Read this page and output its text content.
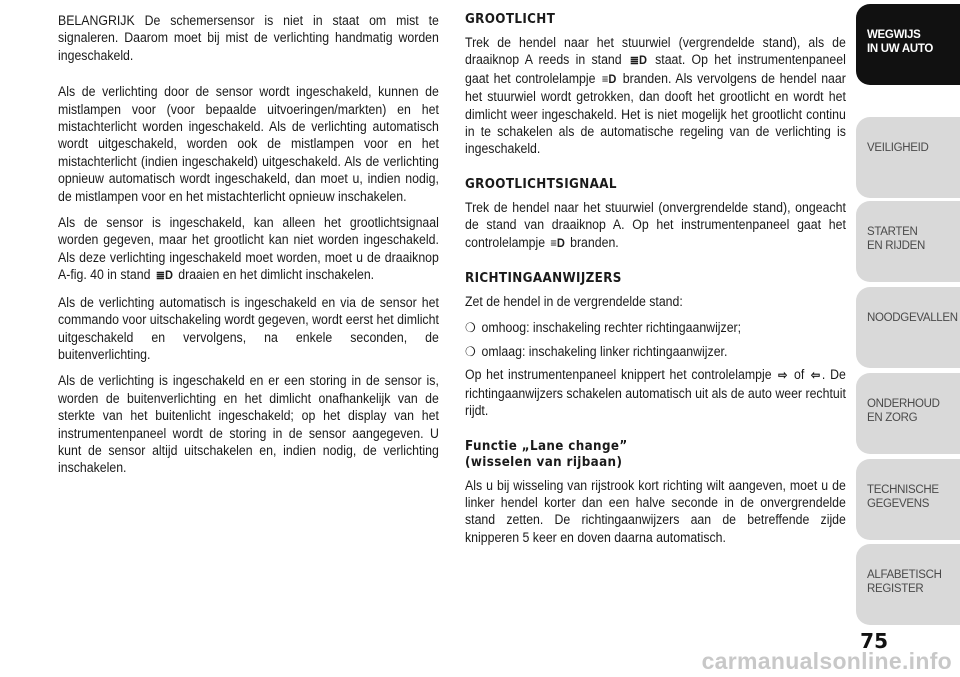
BELANGRIJK De schemersensor is niet in staat om mist te signaleren. Daarom moet bij mist de verlichting handmatig worden ingeschakeld.

Als de verlichting door de sensor wordt ingeschakeld, kunnen de mistlampen voor (voor bepaalde uitvoeringen/markten) en het mistachterlicht worden ingeschakeld. Als de verlichting automatisch wordt uitgeschakeld, worden ook de mistlampen voor en het mistachterlicht (indien ingeschakeld) uitgeschakeld. Als de verlichting opnieuw automatisch wordt ingeschakeld, dan moet u, indien nodig, de mistlampen voor en het mistachterlicht opnieuw inschakelen.

Als de sensor is ingeschakeld, kan alleen het grootlichtsignaal worden gegeven, maar het grootlicht kan niet worden ingeschakeld. Als deze verlichting ingeschakeld moet worden, moet u de draaiknop A-fig. 40 in stand ≣D draaien en het dimlicht inschakelen.

Als de verlichting automatisch is ingeschakeld en via de sensor het commando voor uitschakeling wordt gegeven, wordt eerst het dimlicht uitgeschakeld en vervolgens, na enkele seconden, de buitenverlichting.

Als de verlichting is ingeschakeld en er een storing in de sensor is, worden de buitenverlichting en het dimlicht onafhankelijk van de sterkte van het buitenlicht ingeschakeld; op het display van het instrumentenpaneel wordt de storing in de sensor aangegeven. U kunt de sensor altijd uitschakelen en, indien nodig, de verlichting inschakelen.

GROOTLICHT

Trek de hendel naar het stuurwiel (vergrendelde stand), als de draaiknop A reeds in stand ≣D staat. Op het instrumentenpaneel gaat het controlelampje ≡D branden. Als vervolgens de hendel naar het stuurwiel wordt getrokken, dan dooft het grootlicht en wordt het dimlicht weer ingeschakeld. Het is niet mogelijk het grootlicht continu in te schakelen als de automatische regeling van de verlichting is ingeschakeld.

GROOTLICHTSIGNAAL

Trek de hendel naar het stuurwiel (onvergrendelde stand), ongeacht de stand van draaiknop A. Op het instrumentenpaneel gaat het controlelampje ≡D branden.

RICHTINGAANWIJZERS

Zet de hendel in de vergrendelde stand:

❍ omhoog: inschakeling rechter richtingaanwijzer;
❍ omlaag: inschakeling linker richtingaanwijzer.

Op het instrumentenpaneel knippert het controlelampje ⇨ of ⇦ . De richtingaanwijzers schakelen automatisch uit als de auto weer rechtuit rijdt.

Functie „Lane change”
(wisselen van rijbaan)

Als u bij wisseling van rijstrook kort richting wilt aangeven, moet u de linker hendel korter dan een halve seconde in de onvergrendelde stand zetten. De richtingaanwijzers aan de betreffende zijde knipperen 5 keer en doven daarna automatisch.

WEGWIJS
IN UW AUTO
VEILIGHEID
STARTEN
EN RIJDEN
NOODGEVALLEN
ONDERHOUD
EN ZORG
TECHNISCHE
GEGEVENS
ALFABETISCH
REGISTER
75
carmanualsonline.info
